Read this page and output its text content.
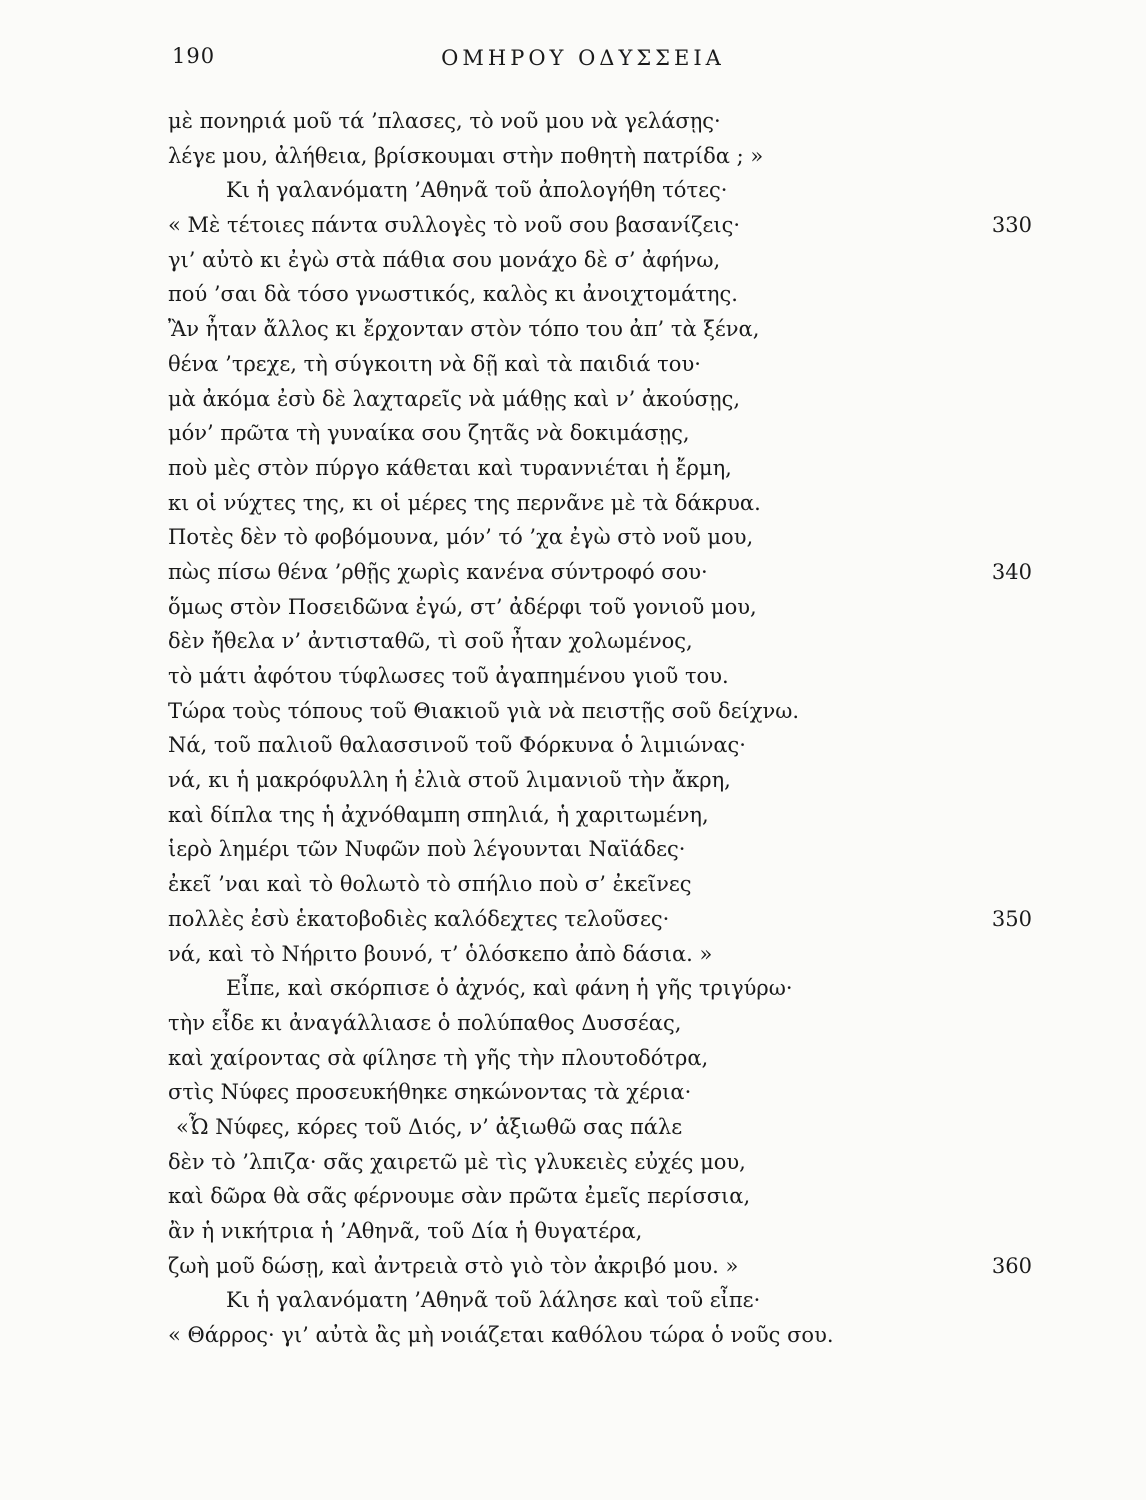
190	ΟΜΗΡΟΥ ΟΔΥΣΣΕΙΑ
μὲ πονηριά μοῦ τά ’πλασες, τὸ νοῦ μου νὰ γελάσῃς·
λέγε μου, ἀλήθεια, βρίσκουμαι στὴν ποθητὴ πατρίδα ; »
Κι ἡ γαλανόματη ’Αθηνᾶ τοῦ ἀπολογήθη τότες·
« Μὲ τέτοιες πάντα συλλογὲς τὸ νοῦ σου βασανίζεις·	330
γι’ αὐτὸ κι ἐγὼ στὰ πάθια σου μονάχο δὲ σ’ ἀφήνω,
πού ’σαι δὰ τόσο γνωστικός, καλὸς κι ἀνοιχτομάτης.
Ἂν ἦταν ἄλλος κι ἔρχονταν στὸν τόπο του ἀπ’ τὰ ξένα,
θένα ’τρεχε, τὴ σύγκοιτη νὰ δῇ καὶ τὰ παιδιά του·
μὰ ἀκόμα ἐσὺ δὲ λαχταρεῖς νὰ μάθῃς καὶ ν’ ἀκούσῃς,
μόν’ πρῶτα τὴ γυναίκα σου ζητᾶς νὰ δοκιμάσῃς,
ποὺ μὲς στὸν πύργο κάθεται καὶ τυραννιέται ἡ ἔρμη,
κι οἱ νύχτες της, κι οἱ μέρες της περνᾶνε μὲ τὰ δάκρυα.
Ποτὲς δὲν τὸ φοβόμουνα, μόν’ τό ’χα ἐγὼ στὸ νοῦ μου,
πὼς πίσω θένα ’ρθῇς χωρὶς κανένα σύντροφό σου·	340
ὅμως στὸν Ποσειδῶνα ἐγώ, στ’ ἀδέρφι τοῦ γονιοῦ μου,
δὲν ἤθελα ν’ ἀντισταθῶ, τὶ σοῦ ἦταν χολωμένος,
τὸ μάτι ἀφότου τύφλωσες τοῦ ἀγαπημένου γιοῦ του.
Τώρα τοὺς τόπους τοῦ Θιακιοῦ γιὰ νὰ πειστῇς σοῦ δείχνω.
Νά, τοῦ παλιοῦ θαλασσινοῦ τοῦ Φόρκυνα ὁ λιμιώνας·
νά, κι ἡ μακρόφυλλη ἡ ἐλιὰ στοῦ λιμανιοῦ τὴν ἄκρη,
καὶ δίπλα της ἡ ἀχνόθαμπη σπηλιά, ἡ χαριτωμένη,
ἱερὸ λημέρι τῶν Νυφῶν ποὺ λέγουνται Ναϊάδες·
ἐκεῖ ’ναι καὶ τὸ θολωτὸ τὸ σπήλιο ποὺ σ’ ἐκεῖνες
πολλὲς ἐσὺ ἑκατοβοδιὲς καλόδεχτες τελοῦσες·	350
νά, καὶ τὸ Νήριτο βουνό, τ’ ὁλόσκεπο ἀπὸ δάσια. »
Εἶπε, καὶ σκόρπισε ὁ ἀχνός, καὶ φάνη ἡ γῆς τριγύρω·
τὴν εἶδε κι ἀναγάλλιασε ὁ πολύπαθος Δυσσέας,
καὶ χαίροντας σὰ φίλησε τὴ γῆς τὴν πλουτοδότρα,
στὶς Νύφες προσευκήθηκε σηκώνοντας τὰ χέρια·
«Ὦ Νύφες, κόρες τοῦ Διός, ν’ ἀξιωθῶ σας πάλε
δὲν τὸ ’λπιζα· σᾶς χαιρετῶ μὲ τὶς γλυκειὲς εὐχές μου,
καὶ δῶρα θὰ σᾶς φέρνουμε σὰν πρῶτα ἐμεῖς περίσσια,
ἂν ἡ νικήτρια ἡ ’Αθηνᾶ, τοῦ Δία ἡ θυγατέρα,
ζωὴ μοῦ δώσῃ, καὶ ἀντρειὰ στὸ γιὸ τὸν ἀκριβό μου. »	360
Κι ἡ γαλανόματη ’Αθηνᾶ τοῦ λάλησε καὶ τοῦ εἶπε·
« Θάρρος· γι’ αὐτὰ ἂς μὴ νοιάζεται καθόλου τώρα ὁ νοῦς σου.
